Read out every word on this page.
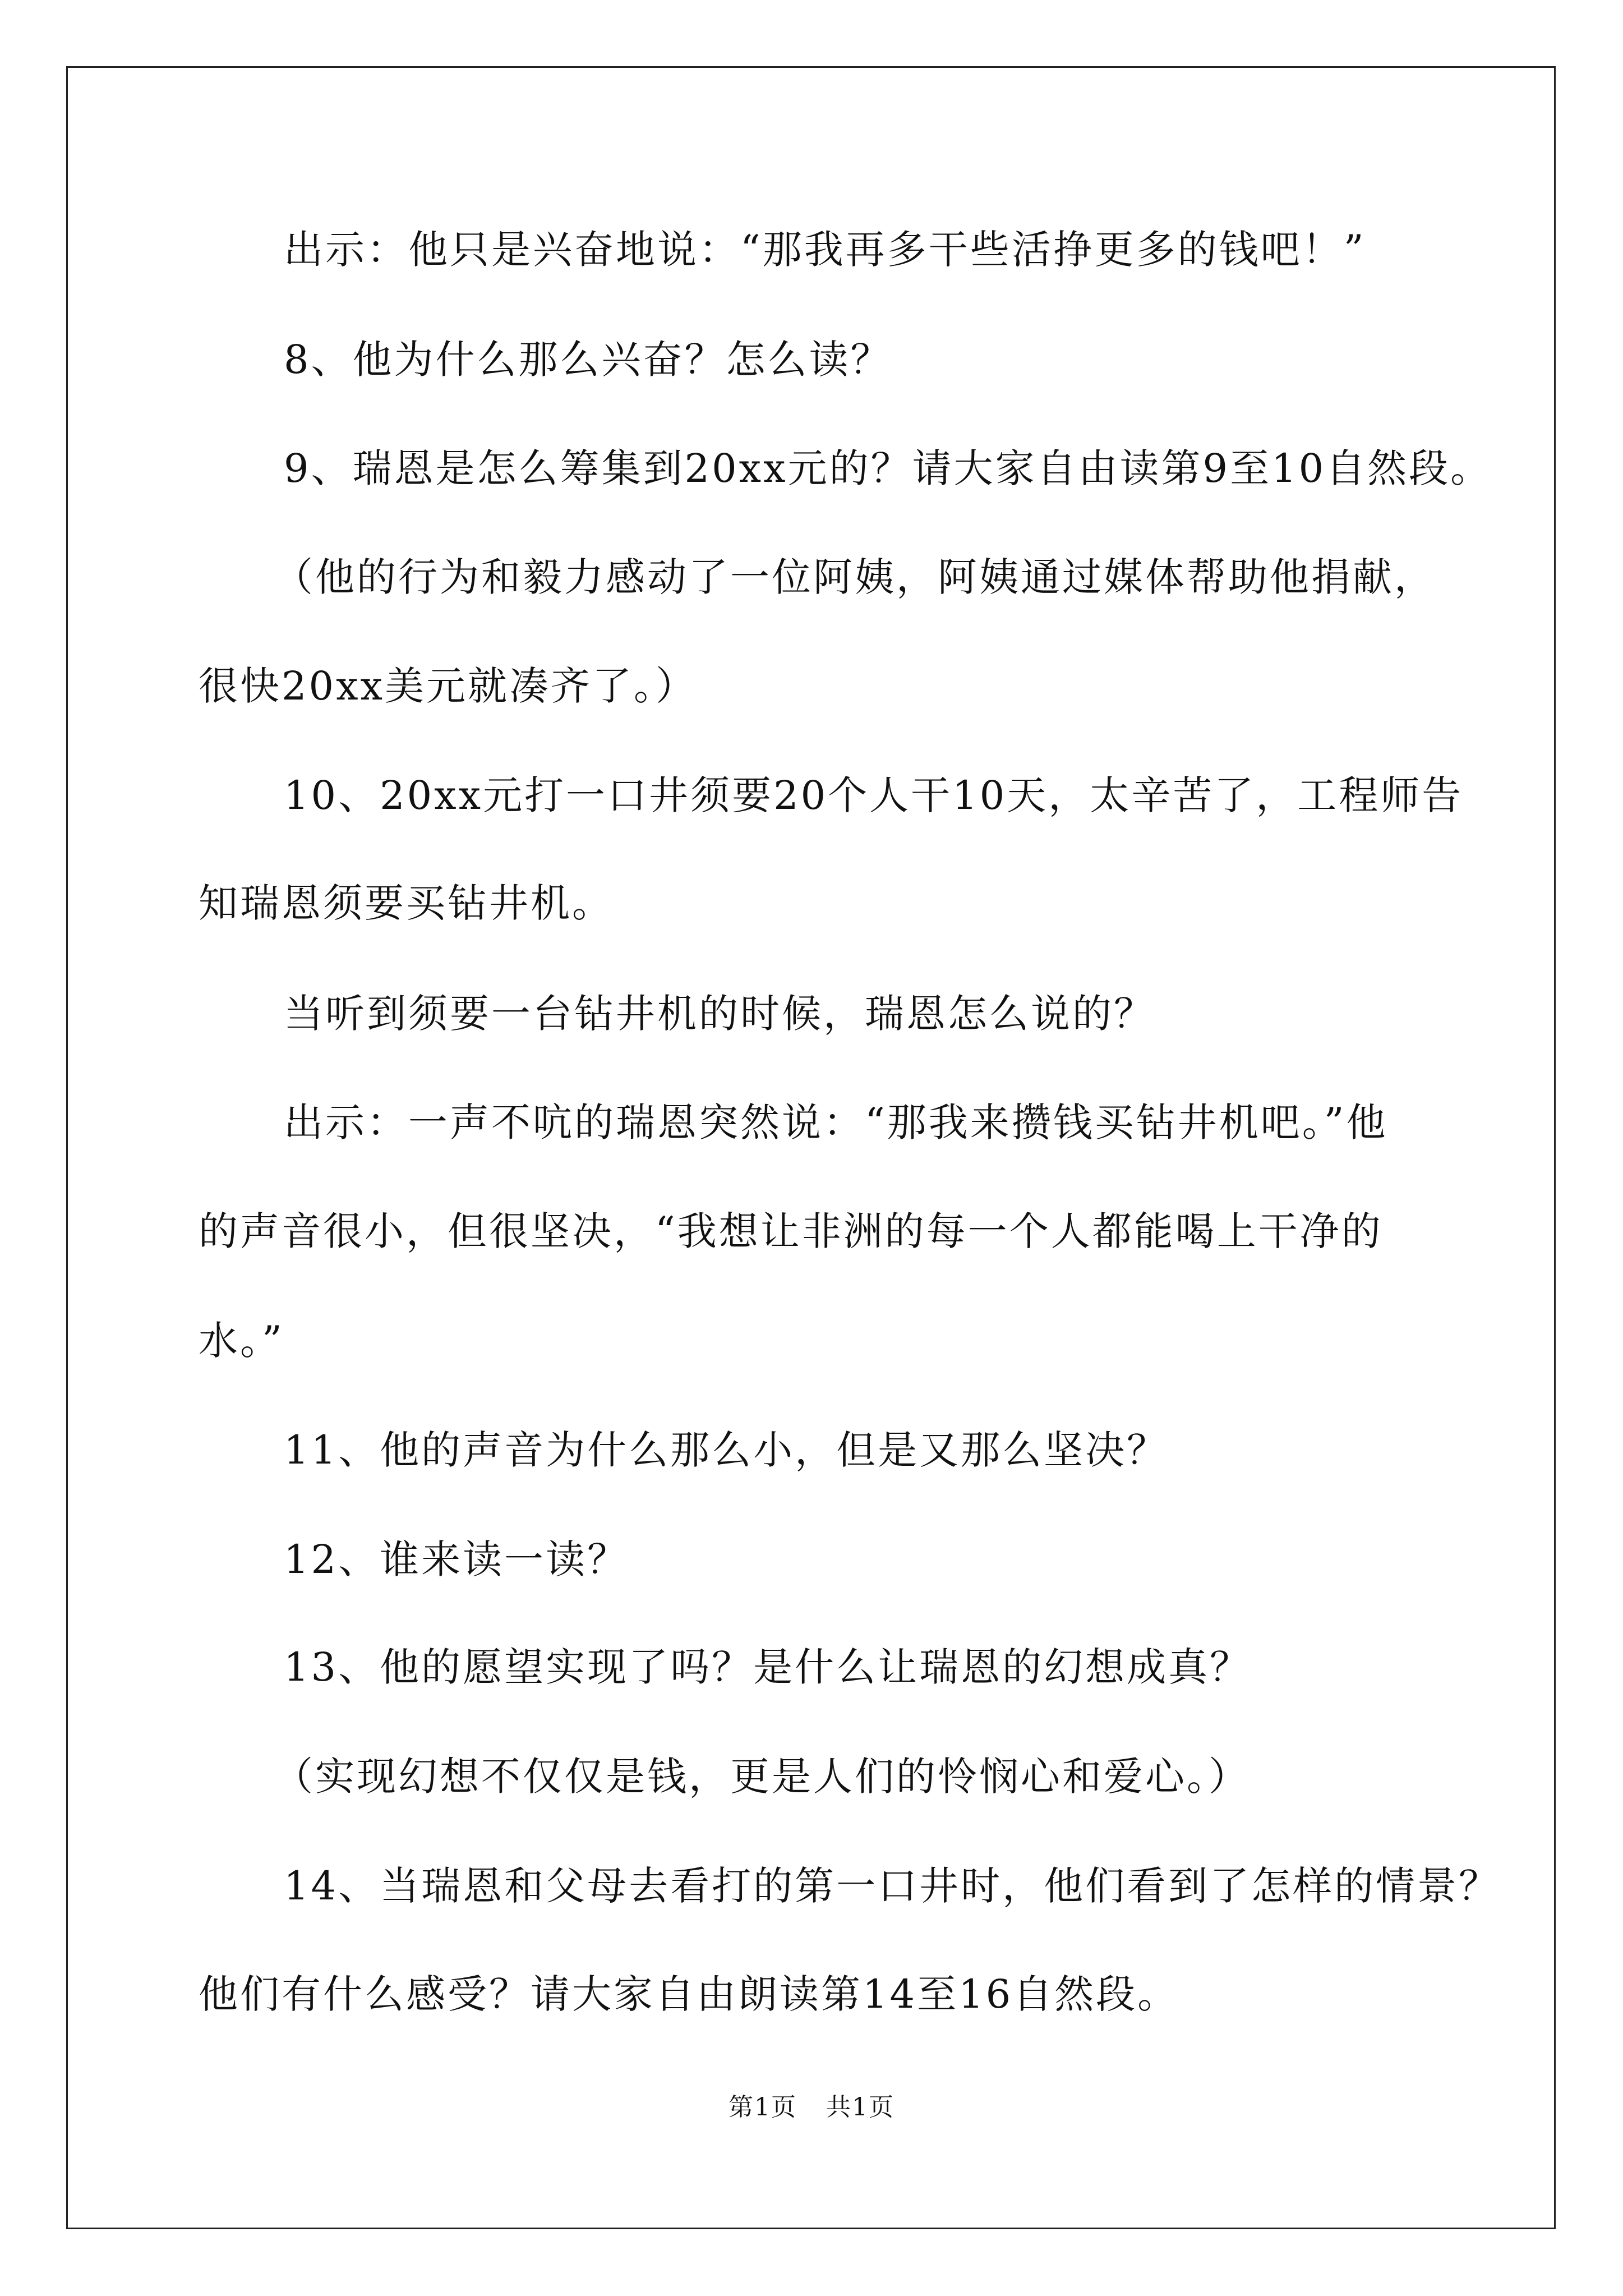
出示：他只是兴奋地说：“那我再多干些活挣更多的钱吧！”
8、他为什么那么兴奋？怎么读？
9、瑞恩是怎么筹集到20xx元的？请大家自由读第9至10自然段。
（他的行为和毅力感动了一位阿姨，阿姨通过媒体帮助他捐献，
很快20xx美元就凑齐了。）
10、20xx元打一口井须要20个人干10天，太辛苦了，工程师告
知瑞恩须要买钻井机。
当听到须要一台钻井机的时候，瑞恩怎么说的？
出示：一声不吭的瑞恩突然说：“那我来攒钱买钻井机吧。”他
的声音很小，但很坚决，“我想让非洲的每一个人都能喝上干净的
水。”
11、他的声音为什么那么小，但是又那么坚决？
12、谁来读一读？
13、他的愿望实现了吗？是什么让瑞恩的幻想成真？
（实现幻想不仅仅是钱，更是人们的怜悯心和爱心。）
14、当瑞恩和父母去看打的第一口井时，他们看到了怎样的情景？
他们有什么感受？请大家自由朗读第14至16自然段。
第1页 共1页
